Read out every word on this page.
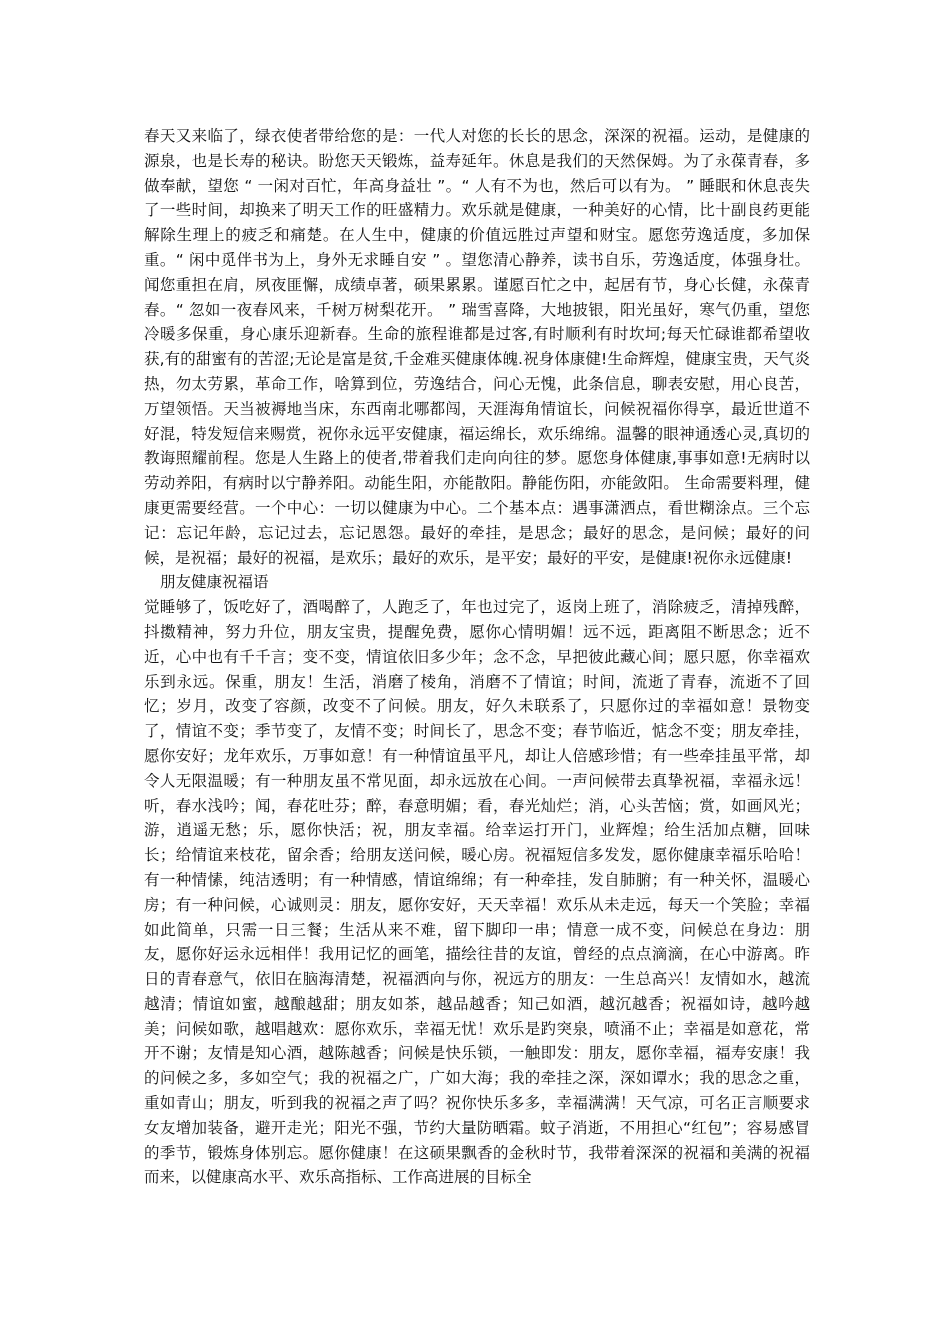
春天又来临了，绿衣使者带给您的是：一代人对您的长长的思念，深深的祝福。运动，是健康的源泉，也是长寿的秘诀。盼您天天锻炼，益寿延年。休息是我们的天然保姆。为了永葆青春，多做奉献，望您 “ 一闲对百忙，年高身益壮 ”。“ 人有不为也，然后可以有为。 ” 睡眠和休息丧失了一些时间，却换来了明天工作的旺盛精力。欢乐就是健康，一种美好的心情，比十副良药更能解除生理上的疲乏和痛楚。在人生中，健康的价值远胜过声望和财宝。愿您劳逸适度，多加保重。“ 闲中觅伴书为上，身外无求睡自安 ” 。望您清心静养，读书自乐，劳逸适度，体强身壮。闻您重担在肩，夙夜匪懈，成绩卓著，硕果累累。谨愿百忙之中，起居有节，身心长健，永葆青春。“ 忽如一夜春风来，千树万树梨花开。 ” 瑞雪喜降，大地披银，阳光虽好，寒气仍重，望您冷暖多保重，身心康乐迎新春。生命的旅程谁都是过客,有时顺利有时坎坷;每天忙碌谁都希望收获,有的甜蜜有的苦涩;无论是富是贫,千金难买健康体魄.祝身体康健!生命辉煌，健康宝贵，天气炎热，勿太劳累，革命工作，啥算到位，劳逸结合，问心无愧，此条信息，聊表安慰，用心良苦，万望领悟。天当被褥地当床，东西南北哪都闯，天涯海角情谊长，问候祝福你得享，最近世道不好混，特发短信来赐赏，祝你永远平安健康，福运绵长，欢乐绵绵。温馨的眼神通透心灵,真切的教诲照耀前程。您是人生路上的使者,带着我们走向向往的梦。愿您身体健康,事事如意!无病时以劳动养阳，有病时以宁静养阳。动能生阳，亦能散阳。静能伤阳，亦能敛阳。 生命需要料理，健康更需要经营。一个中心：一切以健康为中心。二个基本点：遇事潇洒点，看世糊涂点。三个忘记：忘记年龄，忘记过去，忘记恩怨。最好的牵挂，是思念；最好的思念，是问候；最好的问候，是祝福；最好的祝福，是欢乐；最好的欢乐，是平安；最好的平安，是健康!祝你永远健康!

朋友健康祝福语

觉睡够了，饭吃好了，酒喝醉了，人跑乏了，年也过完了，返岗上班了，消除疲乏，清掉残醉，抖擞精神，努力升位，朋友宝贵，提醒免费，愿你心情明媚！远不远，距离阻不断思念；近不近，心中也有千千言；变不变，情谊依旧多少年；念不念，早把彼此藏心间；愿只愿，你幸福欢乐到永远。保重，朋友！生活，消磨了棱角，消磨不了情谊；时间，流逝了青春，流逝不了回忆；岁月，改变了容颜，改变不了问候。朋友，好久未联系了，只愿你过的幸福如意！景物变了，情谊不变；季节变了，友情不变；时间长了，思念不变；春节临近，惦念不变；朋友牵挂，愿你安好；龙年欢乐，万事如意！有一种情谊虽平凡，却让人倍感珍惜；有一些牵挂虽平常，却令人无限温暖；有一种朋友虽不常见面，却永远放在心间。一声问候带去真挚祝福，幸福永远！听，春水浅吟；闻，春花吐芬；醉，春意明媚；看，春光灿烂；消，心头苦恼；赏，如画风光；游，逍遥无愁；乐，愿你快活；祝，朋友幸福。给幸运打开门，业辉煌；给生活加点糖，回味长；给情谊来枝花，留余香；给朋友送问候，暖心房。祝福短信多发发，愿你健康幸福乐哈哈！有一种情愫，纯洁透明；有一种情感，情谊绵绵；有一种牵挂，发自肺腑；有一种关怀，温暖心房；有一种问候，心诚则灵：朋友，愿你安好，天天幸福！欢乐从未走远，每天一个笑脸；幸福如此简单，只需一日三餐；生活从来不难，留下脚印一串；情意一成不变，问候总在身边：朋友，愿你好运永远相伴！我用记忆的画笔，描绘往昔的友谊，曾经的点点滴滴，在心中游离。昨日的青春意气，依旧在脑海清楚，祝福洒向与你，祝远方的朋友：一生总高兴！友情如水，越流越清；情谊如蜜，越酿越甜；朋友如茶，越品越香；知己如酒，越沉越香；祝福如诗，越吟越美；问候如歌，越唱越欢：愿你欢乐，幸福无忧！欢乐是趵突泉，喷涌不止；幸福是如意花，常开不谢；友情是知心酒，越陈越香；问候是快乐锁，一触即发：朋友，愿你幸福，福寿安康！我的问候之多，多如空气；我的祝福之广，广如大海；我的牵挂之深，深如谭水；我的思念之重，重如青山；朋友，听到我的祝福之声了吗？祝你快乐多多，幸福满满！天气凉，可名正言顺要求女友增加装备，避开走光；阳光不强，节约大量防晒霜。蚊子消逝，不用担心“红包”；容易感冒的季节，锻炼身体别忘。愿你健康！在这硕果飘香的金秋时节，我带着深深的祝福和美满的祝福而来，以健康高水平、欢乐高指标、工作高进展的目标全
